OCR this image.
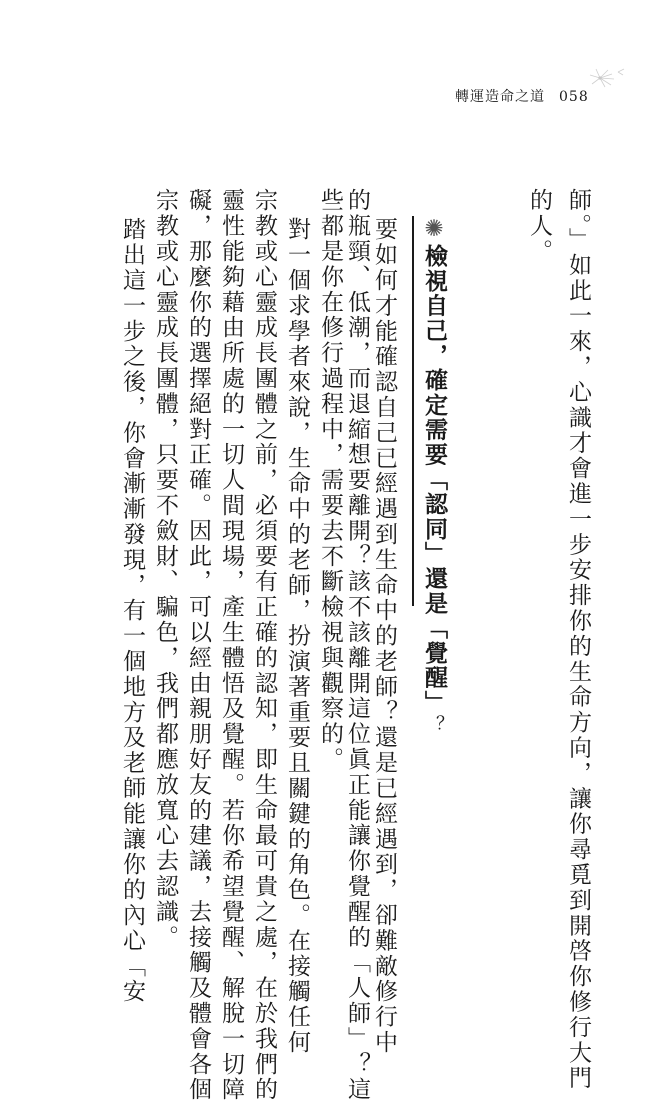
轉運造命之道 058
師。」如此一來，心識才會進一步安排你的生命方向，讓你尋覓到開啓你修行大門
的人。
✺檢視自己，確定需要「認同」還是「覺醒」？
要如何才能確認自己已經遇到生命中的老師？還是已經遇到，卻難敵修行中
的瓶頸、低潮，而退縮想要離開？該不該離開這位眞正能讓你覺醒的「人師」？這
些都是你在修行過程中，需要去不斷檢視與觀察的。
對一個求學者來說，生命中的老師，扮演著重要且關鍵的角色。在接觸任何
宗教或心靈成長團體之前，必須要有正確的認知，即生命最可貴之處，在於我們的
靈性能夠藉由所處的一切人間現場，產生體悟及覺醒。若你希望覺醒、解脫一切障
礙，那麼你的選擇絕對正確。因此，可以經由親朋好友的建議，去接觸及體會各個
宗教或心靈成長團體，只要不斂財、騙色，我們都應放寬心去認識。
踏出這一步之後，你會漸漸發現，有一個地方及老師能讓你的內心「安
